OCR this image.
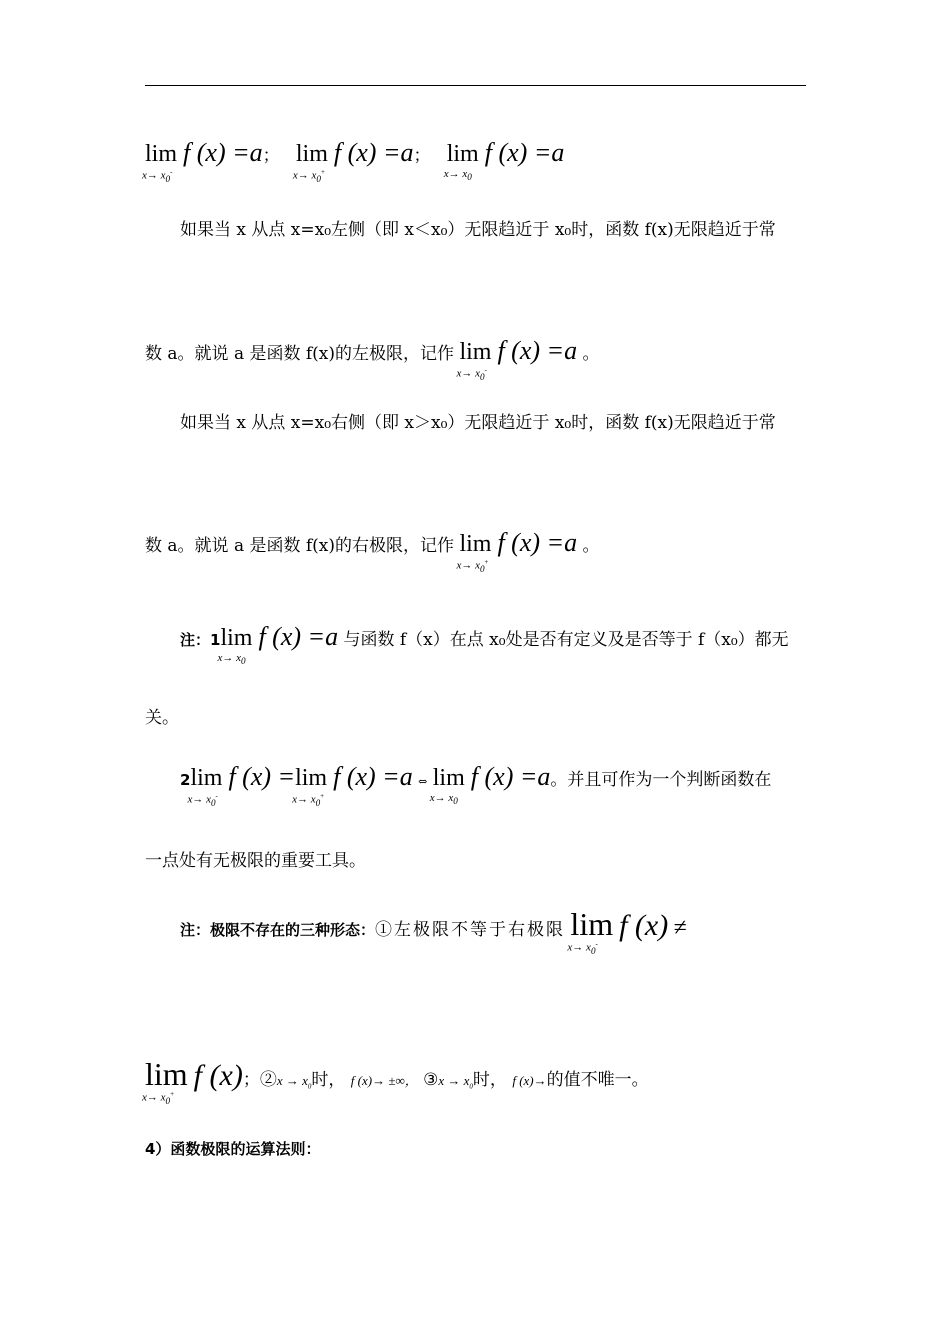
lim
$x\to x_0^-$
f (x) =a； lim
$x\to x_0^+$
f (x) =a； lim
$x\to x_0$
f (x) =a
如果当 x 从点 x=x₀左侧（即 x＜x₀）无限趋近于 x₀时，函数 f(x)无限趋近于常
数 a。就说 a 是函数 f(x)的左极限，记作 lim
$x\to x_0^-$
f (x) =a 。
如果当 x 从点 x=x₀右侧（即 x＞x₀）无限趋近于 x₀时，函数 f(x)无限趋近于常
数 a。就说 a 是函数 f(x)的右极限，记作 lim
$x\to x_0^+$
f (x) =a 。
注：1lim
$x\to x_0$
f (x) =a 与函数 f（x）在点 x₀处是否有定义及是否等于 f（x₀）都无
关。
2lim
$x\to x_0^-$
f (x) =lim
$x\to x_0^+$
f (x) =a ⇔ lim
$x\to x_0$
f (x) =a。并且可作为一个判断函数在
一点处有无极限的重要工具。
注：极限不存在的三种形态：①左极限不等于右极限 lim
$x\to x_0^-$
f (x) ≠
lim
$x\to x_0^+$
f (x)；②x → $x_0$时， f (x)→ ±∞， ③x → $x_0$时， f (x)→的值不唯一。
4）函数极限的运算法则：
